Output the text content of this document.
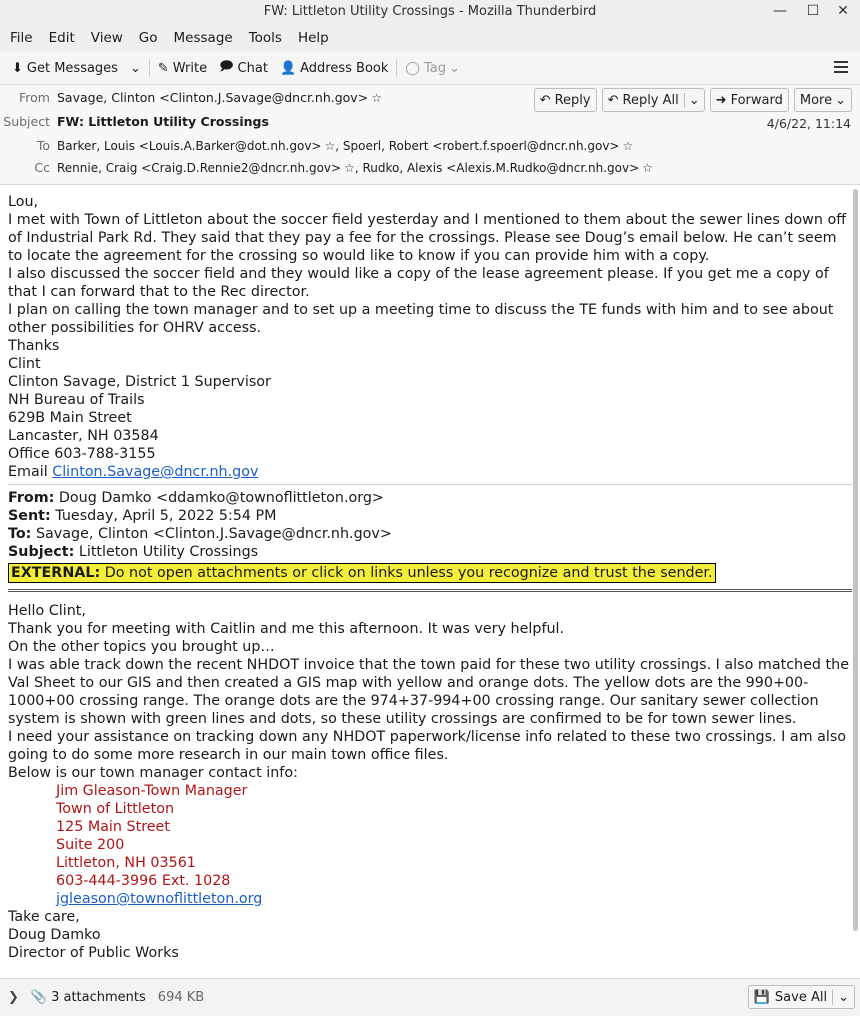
FW: Littleton Utility Crossings - Mozilla Thunderbird	—	☐	✕
File	Edit	View	Go	Message	Tools	Help
⬇ Get Messages ⌄ ✎ Write 🗩 Chat 👤 Address Book ◯ Tag ⌄
From Savage, Clinton <Clinton.J.Savage@dncr.nh.gov> ☆	↶ Reply ↶ Reply All ⌄	➜ Forward More ⌄
Subject FW: Littleton Utility Crossings	4/6/22, 11:14
To Barker, Louis <Louis.A.Barker@dot.nh.gov> ☆ , Spoerl, Robert <robert.f.spoerl@dncr.nh.gov> ☆
Cc Rennie, Craig <Craig.D.Rennie2@dncr.nh.gov> ☆ , Rudko, Alexis <Alexis.M.Rudko@dncr.nh.gov> ☆

Lou,

I met with Town of Littleton about the soccer field yesterday and I mentioned to them about the sewer lines down off of Industrial Park Rd. They said that they pay a fee for the crossings. Please see Doug’s email below. He can’t seem to locate the agreement for the crossing so would like to know if you can provide him with a copy.

I also discussed the soccer field and they would like a copy of the lease agreement please. If you get me a copy of that I can forward that to the Rec director.

I plan on calling the town manager and to set up a meeting time to discuss the TE funds with him and to see about other possibilities for OHRV access.

Thanks

Clint

Clinton Savage, District 1 Supervisor

NH Bureau of Trails

629B Main Street

Lancaster, NH 03584

Office 603-788-3155

Email Clinton.Savage@dncr.nh.gov

From: Doug Damko <ddamko@townoflittleton.org>

Sent: Tuesday, April 5, 2022 5:54 PM

To: Savage, Clinton <Clinton.J.Savage@dncr.nh.gov>

Subject: Littleton Utility Crossings

EXTERNAL: Do not open attachments or click on links unless you recognize and trust the sender.

Hello Clint,

Thank you for meeting with Caitlin and me this afternoon. It was very helpful.

On the other topics you brought up…

I was able track down the recent NHDOT invoice that the town paid for these two utility crossings. I also matched the Val Sheet to our GIS and then created a GIS map with yellow and orange dots. The yellow dots are the 990+00-1000+00 crossing range. The orange dots are the 974+37-994+00 crossing range. Our sanitary sewer collection system is shown with green lines and dots, so these utility crossings are confirmed to be for town sewer lines.

I need your assistance on tracking down any NHDOT paperwork/license info related to these two crossings. I am also going to do some more research in our main town office files.

Below is our town manager contact info:

Jim Gleason-Town Manager

Town of Littleton

125 Main Street

Suite 200

Littleton, NH 03561

603-444-3996 Ext. 1028

jgleason@townoflittleton.org

Take care,

Doug Damko

Director of Public Works

❯ 📎 3 attachments 694 KB	💾 Save All ⌄
